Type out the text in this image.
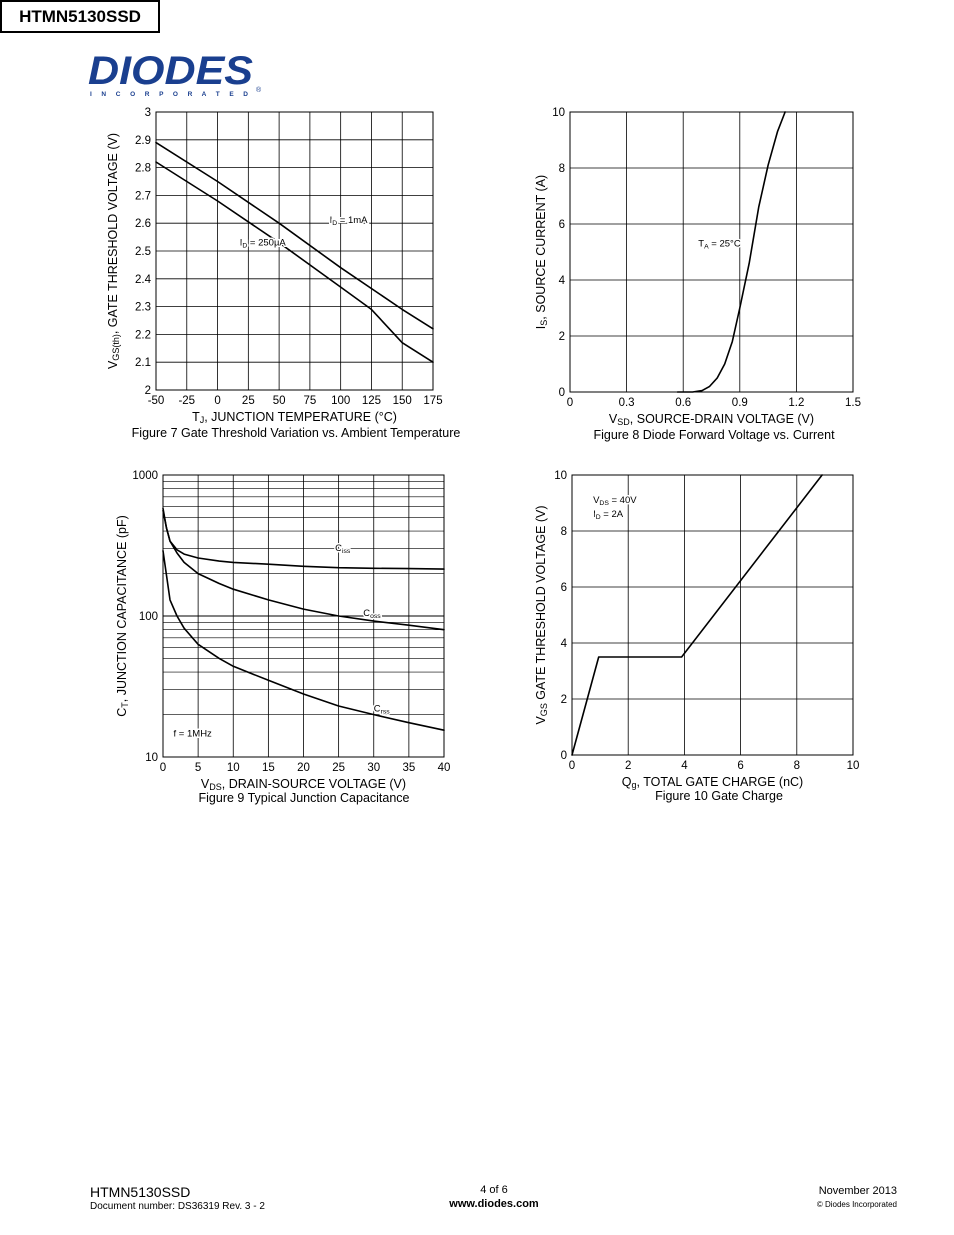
DIODES ®
I N C O R P O R A T E D
HTMN5130SSD
-50 -25 0 25 50 75 100 125 150 175
2
2.1
2.2
2.3
2.4
2.5
2.6
2.7
2.8
2.9
3
TJ, JUNCTION TEMPERATURE (°C)
VGS(th), GATE THRESHOLD VOLTAGE (V)	ID = 1mA
ID = 250µA
0	0.3	0.6	0.9	1.2	1.5
0
2
4
6
8
10
VSD, SOURCE-DRAIN VOLTAGE (V)
IS, SOURCE CURRENT (A)	TA = 25°C
0 5 10 15 20 25 30 35 40
10
100
1000
VDS, DRAIN-SOURCE VOLTAGE (V)
CT, JUNCTION CAPACITANCE (pF)	Ciss
Coss
Crss
f = 1MHz
0	2	4	6	8	10
0
2
4
6
8
10
Qg, TOTAL GATE CHARGE (nC)
VGS GATE THRESHOLD VOLTAGE (V)
VDS = 40V
ID = 2A
Figure 7 Gate Threshold Variation vs. Ambient Temperature	Figure 8 Diode Forward Voltage vs. Current
Figure 9 Typical Junction Capacitance	Figure 10 Gate Charge
HTMN5130SSD
Document number: DS36319 Rev. 3 - 2
4 of 6
www.diodes.com
November 2013
© Diodes Incorporated
